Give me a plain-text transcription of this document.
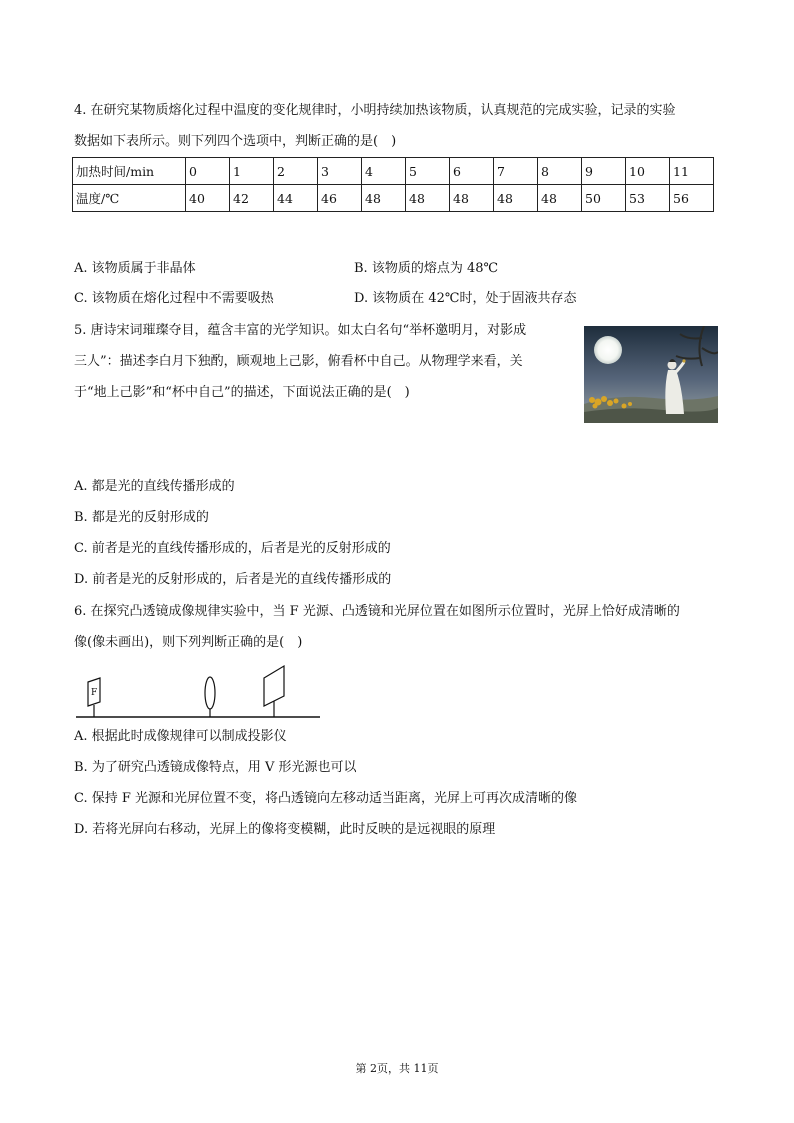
4. 在研究某物质熔化过程中温度的变化规律时，小明持续加热该物质，认真规范的完成实验，记录的实验
数据如下表所示。则下列四个选项中，判断正确的是(　)
加热时间/min	0	1	2	3	4	5	6	7	8	9	10	11
温度/℃	40	42	44	46	48	48	48	48	48	50	53	56
A. 该物质属于非晶体	B. 该物质的熔点为 48℃
C. 该物质在熔化过程中不需要吸热	D. 该物质在 42℃时，处于固液共存态
5. 唐诗宋词璀璨夺目，蕴含丰富的光学知识。如太白名句“举杯邀明月，对影成
三人”：描述李白月下独酌，顾观地上己影，俯看杯中自己。从物理学来看，关
于“地上己影”和“杯中自己”的描述，下面说法正确的是(　)
A. 都是光的直线传播形成的
B. 都是光的反射形成的
C. 前者是光的直线传播形成的，后者是光的反射形成的
D. 前者是光的反射形成的，后者是光的直线传播形成的
6. 在探究凸透镜成像规律实验中，当 F 光源、凸透镜和光屏位置在如图所示位置时，光屏上恰好成清晰的
像(像未画出)，则下列判断正确的是(　)
F
A. 根据此时成像规律可以制成投影仪
B. 为了研究凸透镜成像特点，用 V 形光源也可以
C. 保持 F 光源和光屏位置不变，将凸透镜向左移动适当距离，光屏上可再次成清晰的像
D. 若将光屏向右移动，光屏上的像将变模糊，此时反映的是远视眼的原理
第 2页，共 11页
